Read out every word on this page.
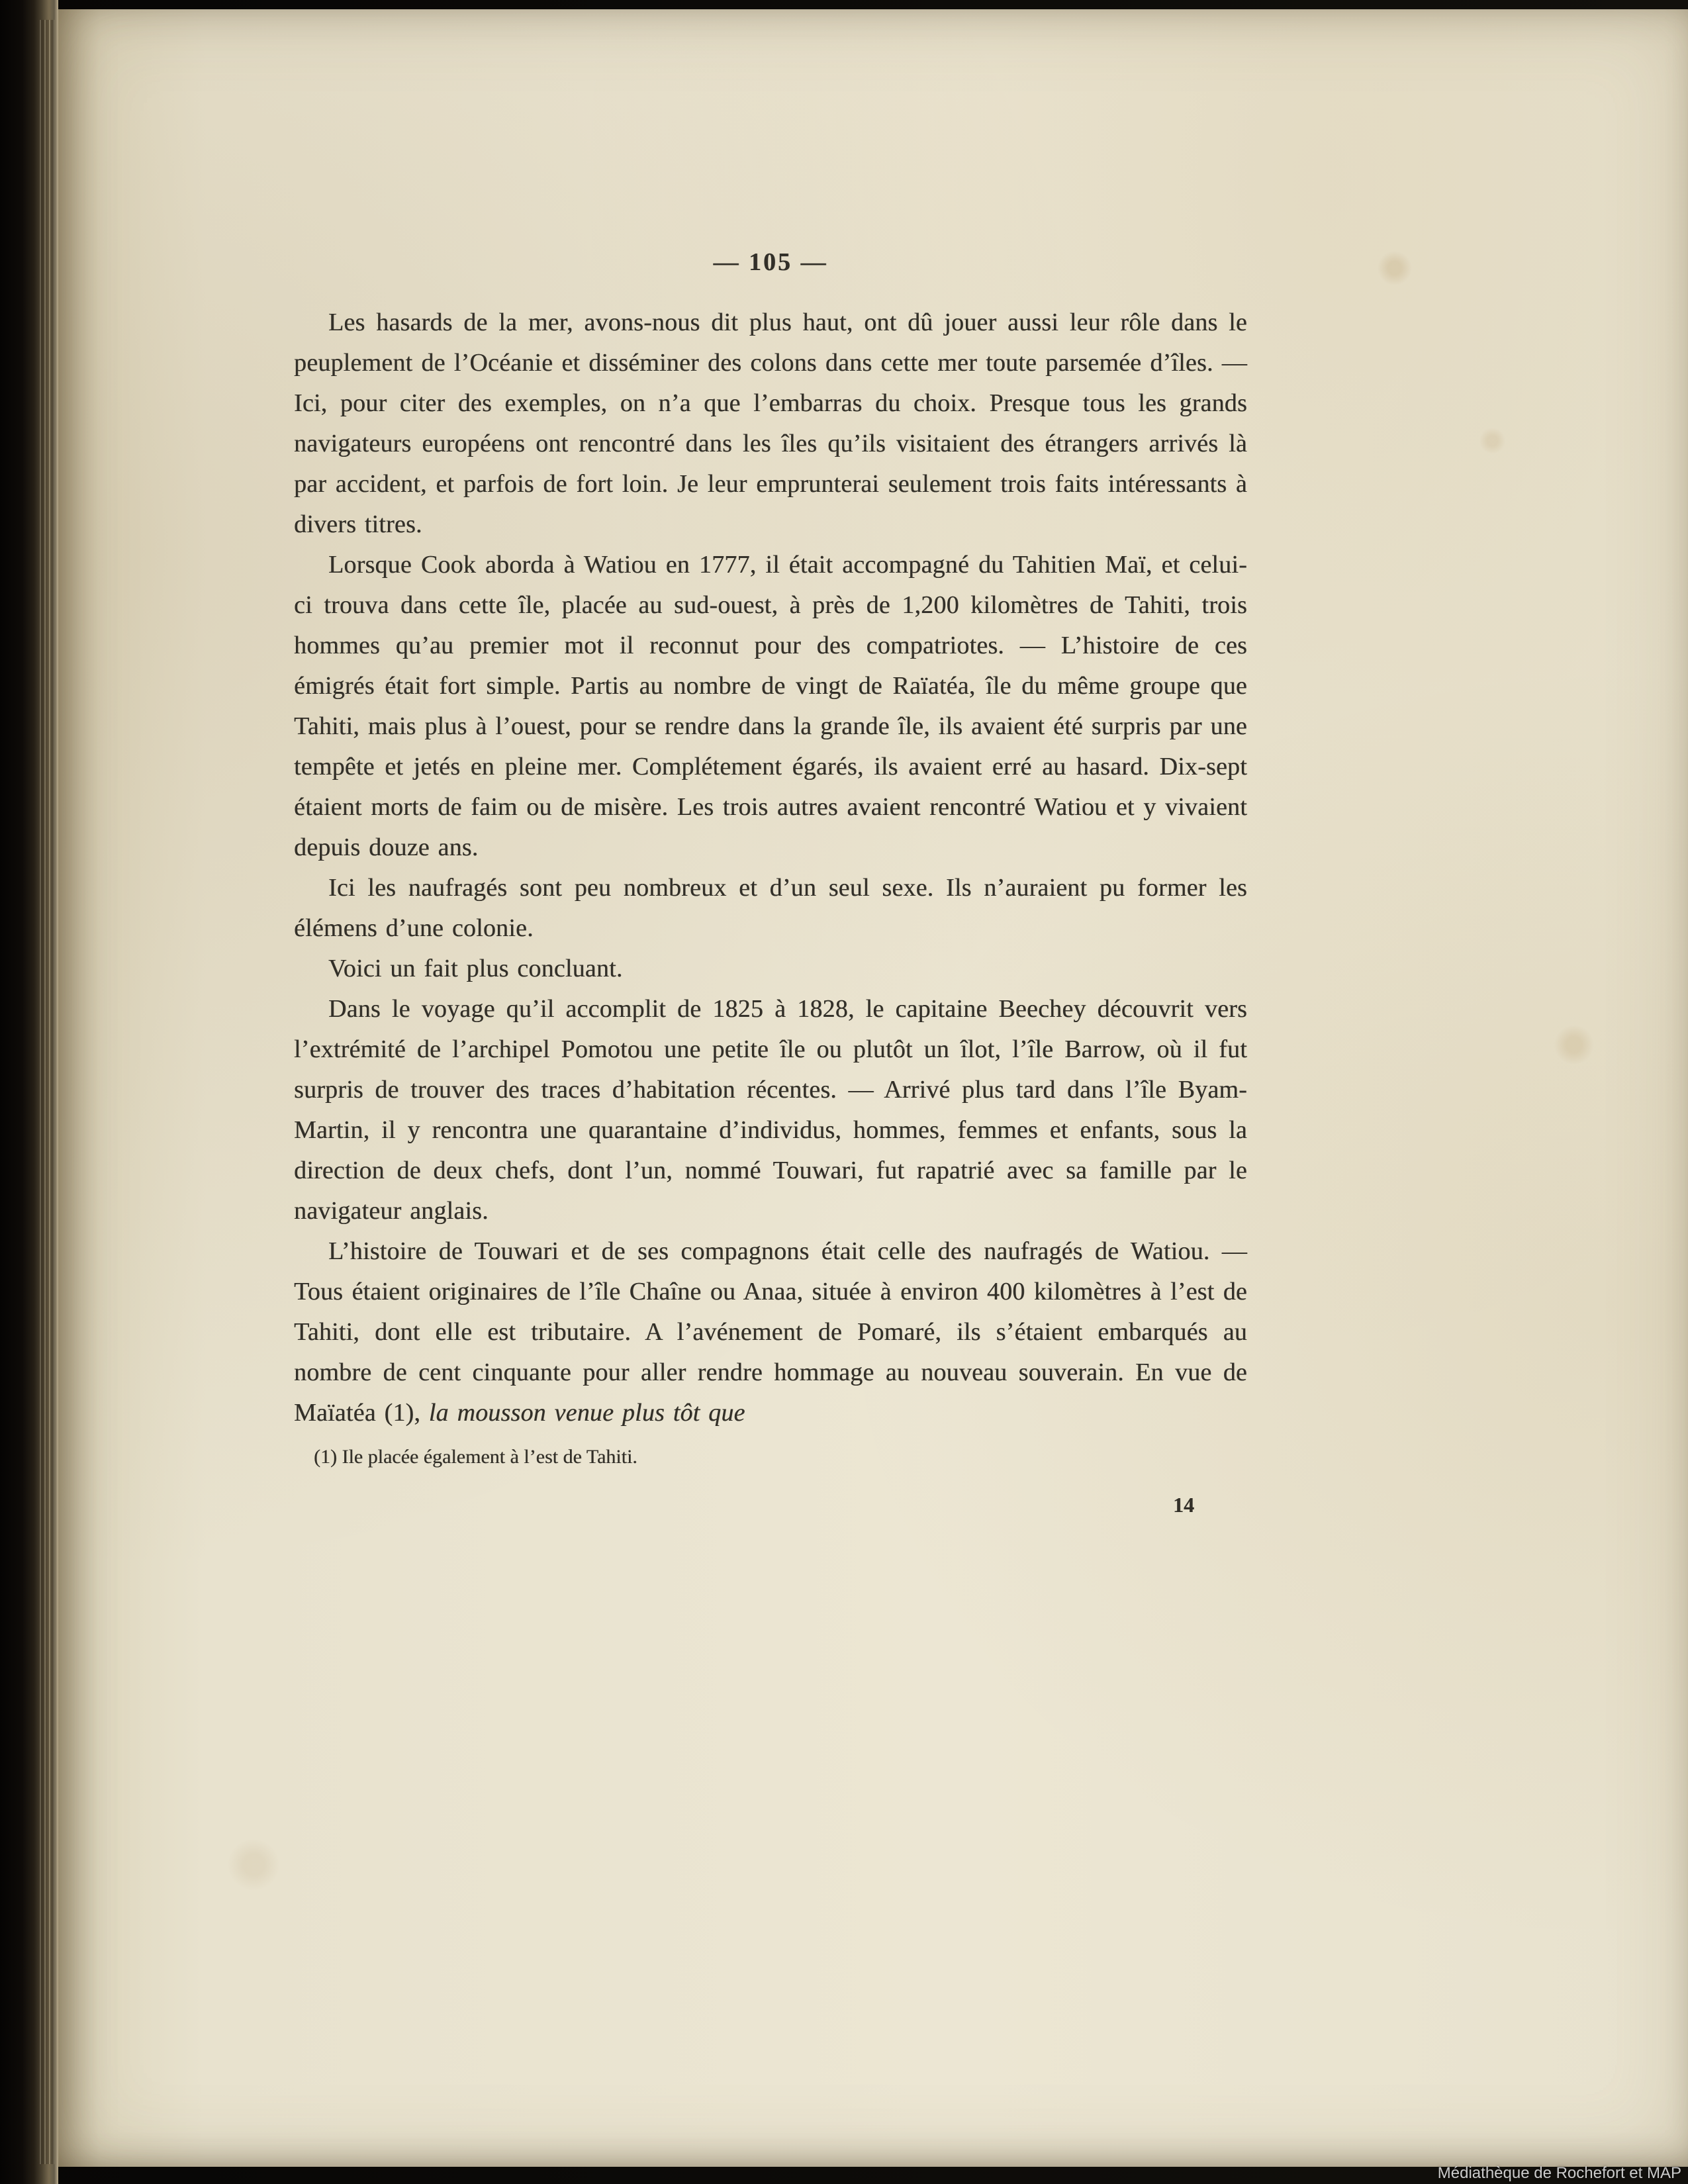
— 105 —

Les hasards de la mer, avons-nous dit plus haut, ont dû jouer aussi leur rôle dans le peuplement de l’Océanie et disséminer des colons dans cette mer toute parsemée d’îles. — Ici, pour citer des exemples, on n’a que l’embarras du choix. Presque tous les grands navigateurs européens ont rencontré dans les îles qu’ils visitaient des étrangers arrivés là par accident, et parfois de fort loin. Je leur emprunterai seulement trois faits intéressants à divers titres.

Lorsque Cook aborda à Watiou en 1777, il était accompagné du Tahitien Maï, et celui-ci trouva dans cette île, placée au sud-ouest, à près de 1,200 kilomètres de Tahiti, trois hommes qu’au premier mot il reconnut pour des compatriotes. — L’histoire de ces émigrés était fort simple. Partis au nombre de vingt de Raïatéa, île du même groupe que Tahiti, mais plus à l’ouest, pour se rendre dans la grande île, ils avaient été surpris par une tempête et jetés en pleine mer. Complétement égarés, ils avaient erré au hasard. Dix-sept étaient morts de faim ou de misère. Les trois autres avaient rencontré Watiou et y vivaient depuis douze ans.

Ici les naufragés sont peu nombreux et d’un seul sexe. Ils n’auraient pu former les élémens d’une colonie.

Voici un fait plus concluant.

Dans le voyage qu’il accomplit de 1825 à 1828, le capitaine Beechey découvrit vers l’extrémité de l’archipel Pomotou une petite île ou plutôt un îlot, l’île Barrow, où il fut surpris de trouver des traces d’habitation récentes. — Arrivé plus tard dans l’île Byam-Martin, il y rencontra une quarantaine d’individus, hommes, femmes et enfants, sous la direction de deux chefs, dont l’un, nommé Touwari, fut rapatrié avec sa famille par le navigateur anglais.

L’histoire de Touwari et de ses compagnons était celle des naufragés de Watiou. — Tous étaient originaires de l’île Chaîne ou Anaa, située à environ 400 kilomètres à l’est de Tahiti, dont elle est tributaire. A l’avénement de Pomaré, ils s’étaient embarqués au nombre de cent cinquante pour aller rendre hommage au nouveau souverain. En vue de Maïatéa (1), la mousson venue plus tôt que

(1) Ile placée également à l’est de Tahiti.

14
Médiathèque de Rochefort et MAP
